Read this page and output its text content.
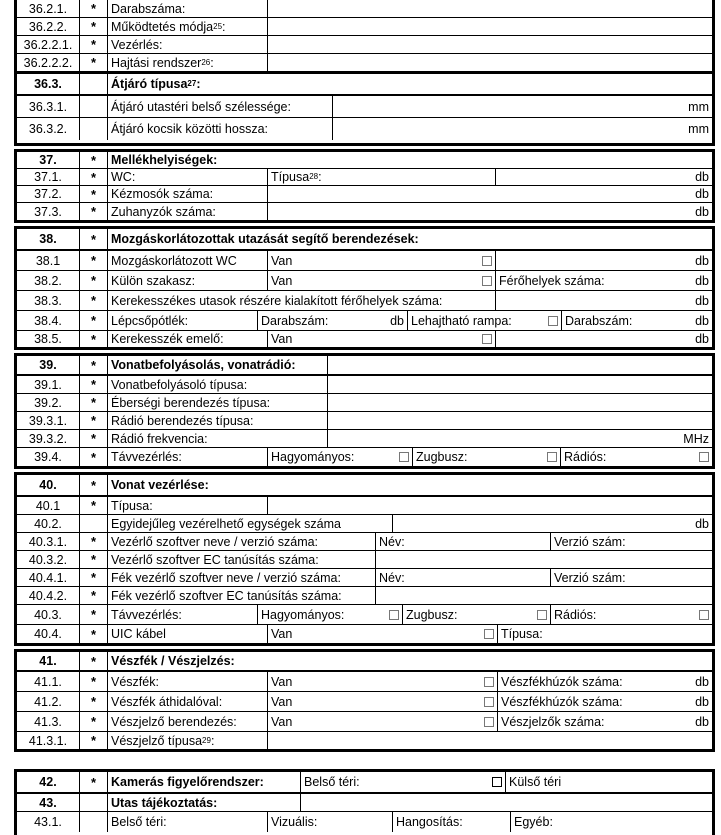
36.2.1.	*	Darabszáma:
36.2.2.	*	Működtetés módja 25 :
36.2.2.1.	*	Vezérlés:
36.2.2.2.	*	Hajtási rendszer 26 :
36.3.	Átjáró típusa 27 :
36.3.1.	Átjáró utastéri belső szélessége:	mm
36.3.2.	Átjáró kocsik közötti hossza:	mm
37.	*	Mellékhelyiségek:
37.1.	*	WC:	Típusa 28 :	db
37.2.	*	Kézmosók száma:	db
37.3.	*	Zuhanyzók száma:	db
38.	*	Mozgáskorlátozottak utazását segítő berendezések:
38.1	*	Mozgáskorlátozott WC	Van	db
38.2.	*	Külön szakasz:	Van	Férőhelyek száma:	db
38.3.	*	Kerekesszékes utasok részére kialakított férőhelyek száma:	db
38.4.	*	Lépcsőpótlék:	Darabszám:	db Lehajtható rampa:	Darabszám:	db
38.5.	*	Kerekesszék emelő:	Van	db
39.	*	Vonatbefolyásolás, vonatrádió:
39.1.	*	Vonatbefolyásoló típusa:
39.2.	*	Éberségi berendezés típusa:
39.3.1.	*	Rádió berendezés típusa:
39.3.2.	*	Rádió frekvencia:	MHz
39.4.	*	Távvezérlés:	Hagyományos:	Zugbusz:	Rádiós:
40.	*	Vonat vezérlése:
40.1	*	Típusa:
40.2.	Egyidejűleg vezérelhető egységek száma	db
40.3.1.	*	Vezérlő szoftver neve / verzió száma:	Név:	Verzió szám:
40.3.2.	*	Vezérlő szoftver EC tanúsítás száma:
40.4.1.	*	Fék vezérlő szoftver neve / verzió száma:	Név:	Verzió szám:
40.4.2.	*	Fék vezérlő szoftver EC tanúsítás száma:
40.3.	*	Távvezérlés:	Hagyományos:	Zugbusz:	Rádiós:
40.4.	*	UIC kábel	Van	Típusa:
41.	*	Vészfék / Vészjelzés:
41.1.	*	Vészfék:	Van	Vészfékhúzók száma:	db
41.2.	*	Vészfék áthidalóval:	Van	Vészfékhúzók száma:	db
41.3.	*	Vészjelző berendezés:	Van	Vészjelzők száma:	db
41.3.1.	*	Vészjelző típusa 29 :
42.	*	Kamerás figyelőrendszer:	Belső téri:	Külső téri
43.	Utas tájékoztatás:
43.1.	Belső téri:	Vizuális:	Hangosítás:	Egyéb:
